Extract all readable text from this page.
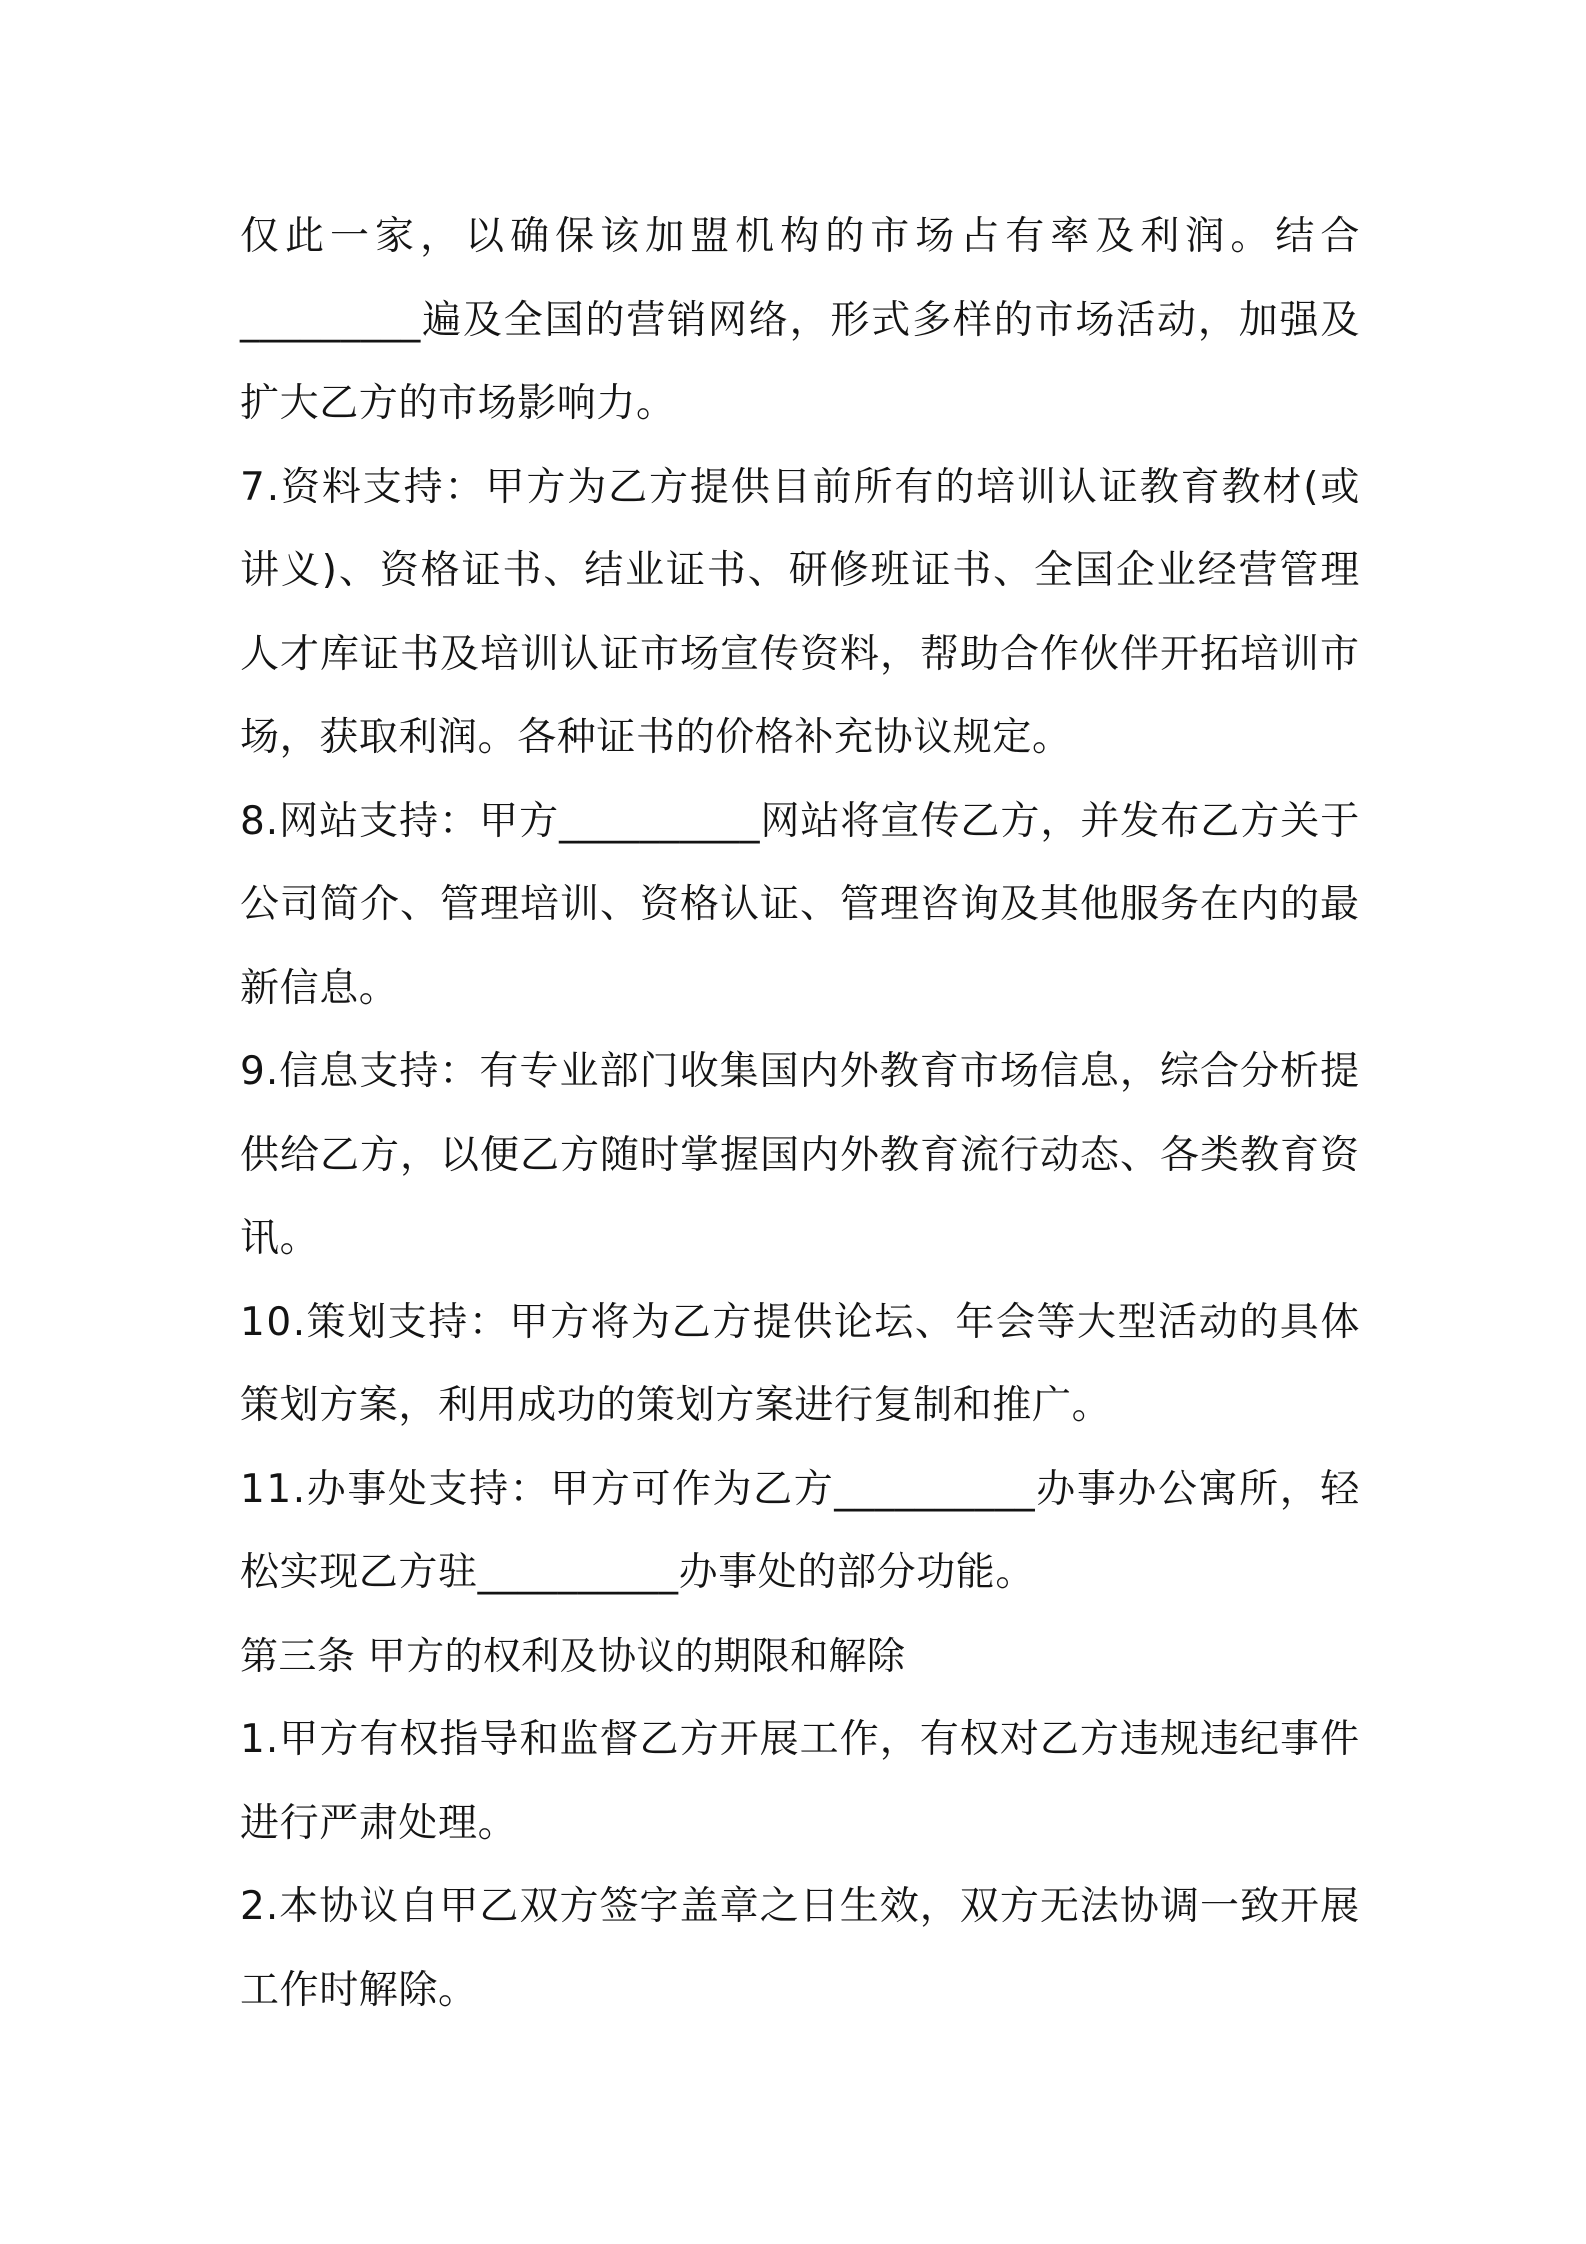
仅 此 一 家 ， 以 确 保 该 加 盟 机 构 的 市 场 占 有 率 及 利 润 。 结 合
_________ 遍 及 全 国 的 营 销 网 络 ， 形 式 多 样 的 市 场 活 动 ， 加 强 及
扩大乙方的市场影响力。
7 . 资 料 支 持 ： 甲 方 为 乙 方 提 供 目 前 所 有 的 培 训 认 证 教 育 教 材 ( 或
讲 义 ) 、 资 格 证 书 、 结 业 证 书 、 研 修 班 证 书 、 全 国 企 业 经 营 管 理
人 才 库 证 书 及 培 训 认 证 市 场 宣 传 资 料 ， 帮 助 合 作 伙 伴 开 拓 培 训 市
场，获取利润。各种证书的价格补充协议规定。
8 . 网 站 支 持 ： 甲 方 __________ 网 站 将 宣 传 乙 方 ， 并 发 布 乙 方 关 于
公 司 简 介 、 管 理 培 训 、 资 格 认 证 、 管 理 咨 询 及 其 他 服 务 在 内 的 最
新信息。
9 . 信 息 支 持 ： 有 专 业 部 门 收 集 国 内 外 教 育 市 场 信 息 ， 综 合 分 析 提
供 给 乙 方 ， 以 便 乙 方 随 时 掌 握 国 内 外 教 育 流 行 动 态 、 各 类 教 育 资
讯。
1 0 . 策 划 支 持 ： 甲 方 将 为 乙 方 提 供 论 坛 、 年 会 等 大 型 活 动 的 具 体
策划方案，利用成功的策划方案进行复制和推广。
1 1 . 办 事 处 支 持 ： 甲 方 可 作 为 乙 方 __________ 办 事 办 公 寓 所 ， 轻
松实现乙方驻__________办事处的部分功能。
第三条 甲方的权利及协议的期限和解除
1 . 甲 方 有 权 指 导 和 监 督 乙 方 开 展 工 作 ， 有 权 对 乙 方 违 规 违 纪 事 件
进行严肃处理。
2 . 本 协 议 自 甲 乙 双 方 签 字 盖 章 之 日 生 效 ， 双 方 无 法 协 调 一 致 开 展
工作时解除。
